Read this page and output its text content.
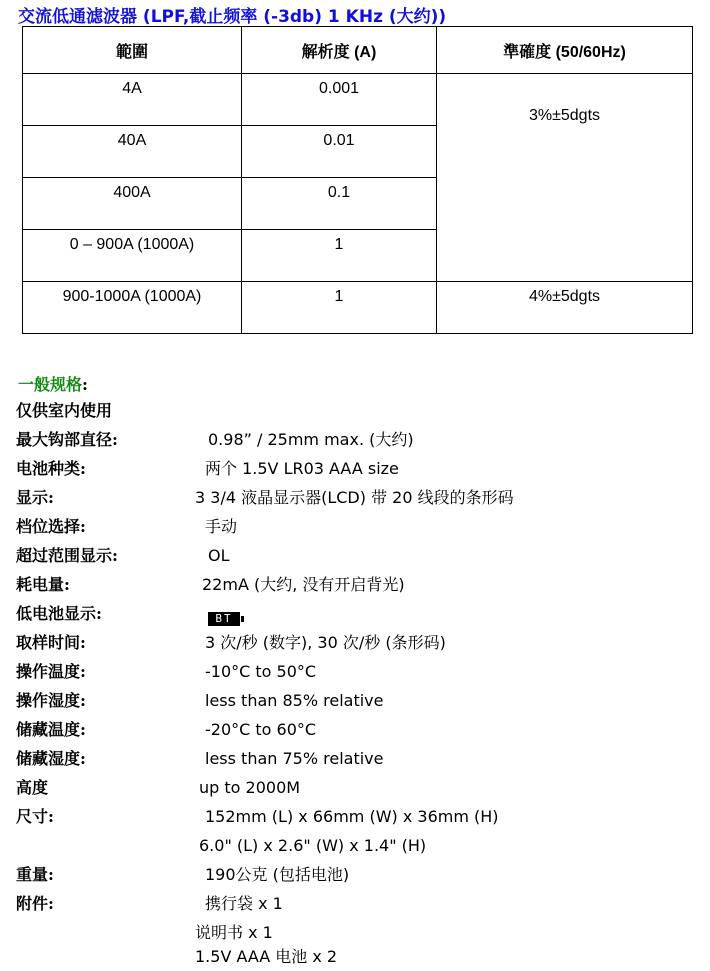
交流低通滤波器 (LPF,截止频率 (-3db) 1 KHz (大约))
範圍	解析度 (A)	準確度 (50/60Hz)
4A	0.001	3%±5dgts
40A	0.01	
400A	0.1	
0 – 900A (1000A)	1	
900-1000A (1000A)	1	4%±5dgts
一般规格:
仅供室内使用
最大钩部直径:	0.98” / 25mm max. (大约)
电池种类:	两个 1.5V LR03 AAA size
显示:	3 3/4 液晶显示器(LCD) 带 20 线段的条形码
档位选择:	手动
超过范围显示:	OL
耗电量:	22mA (大约, 没有开启背光)
低电池显示:	BT
取样时间:	3 次/秒 (数字), 30 次/秒 (条形码)
操作温度:	-10°C to 50°C
操作湿度:	less than 85% relative
储藏温度:	-20°C to 60°C
储藏湿度:	less than 75% relative
高度	up to 2000M
尺寸:	152mm (L) x 66mm (W) x 36mm (H)
6.0" (L) x 2.6" (W) x 1.4" (H)
重量:	190公克 (包括电池)
附件:	携行袋 x 1
说明书 x 1
1.5V AAA 电池 x 2
